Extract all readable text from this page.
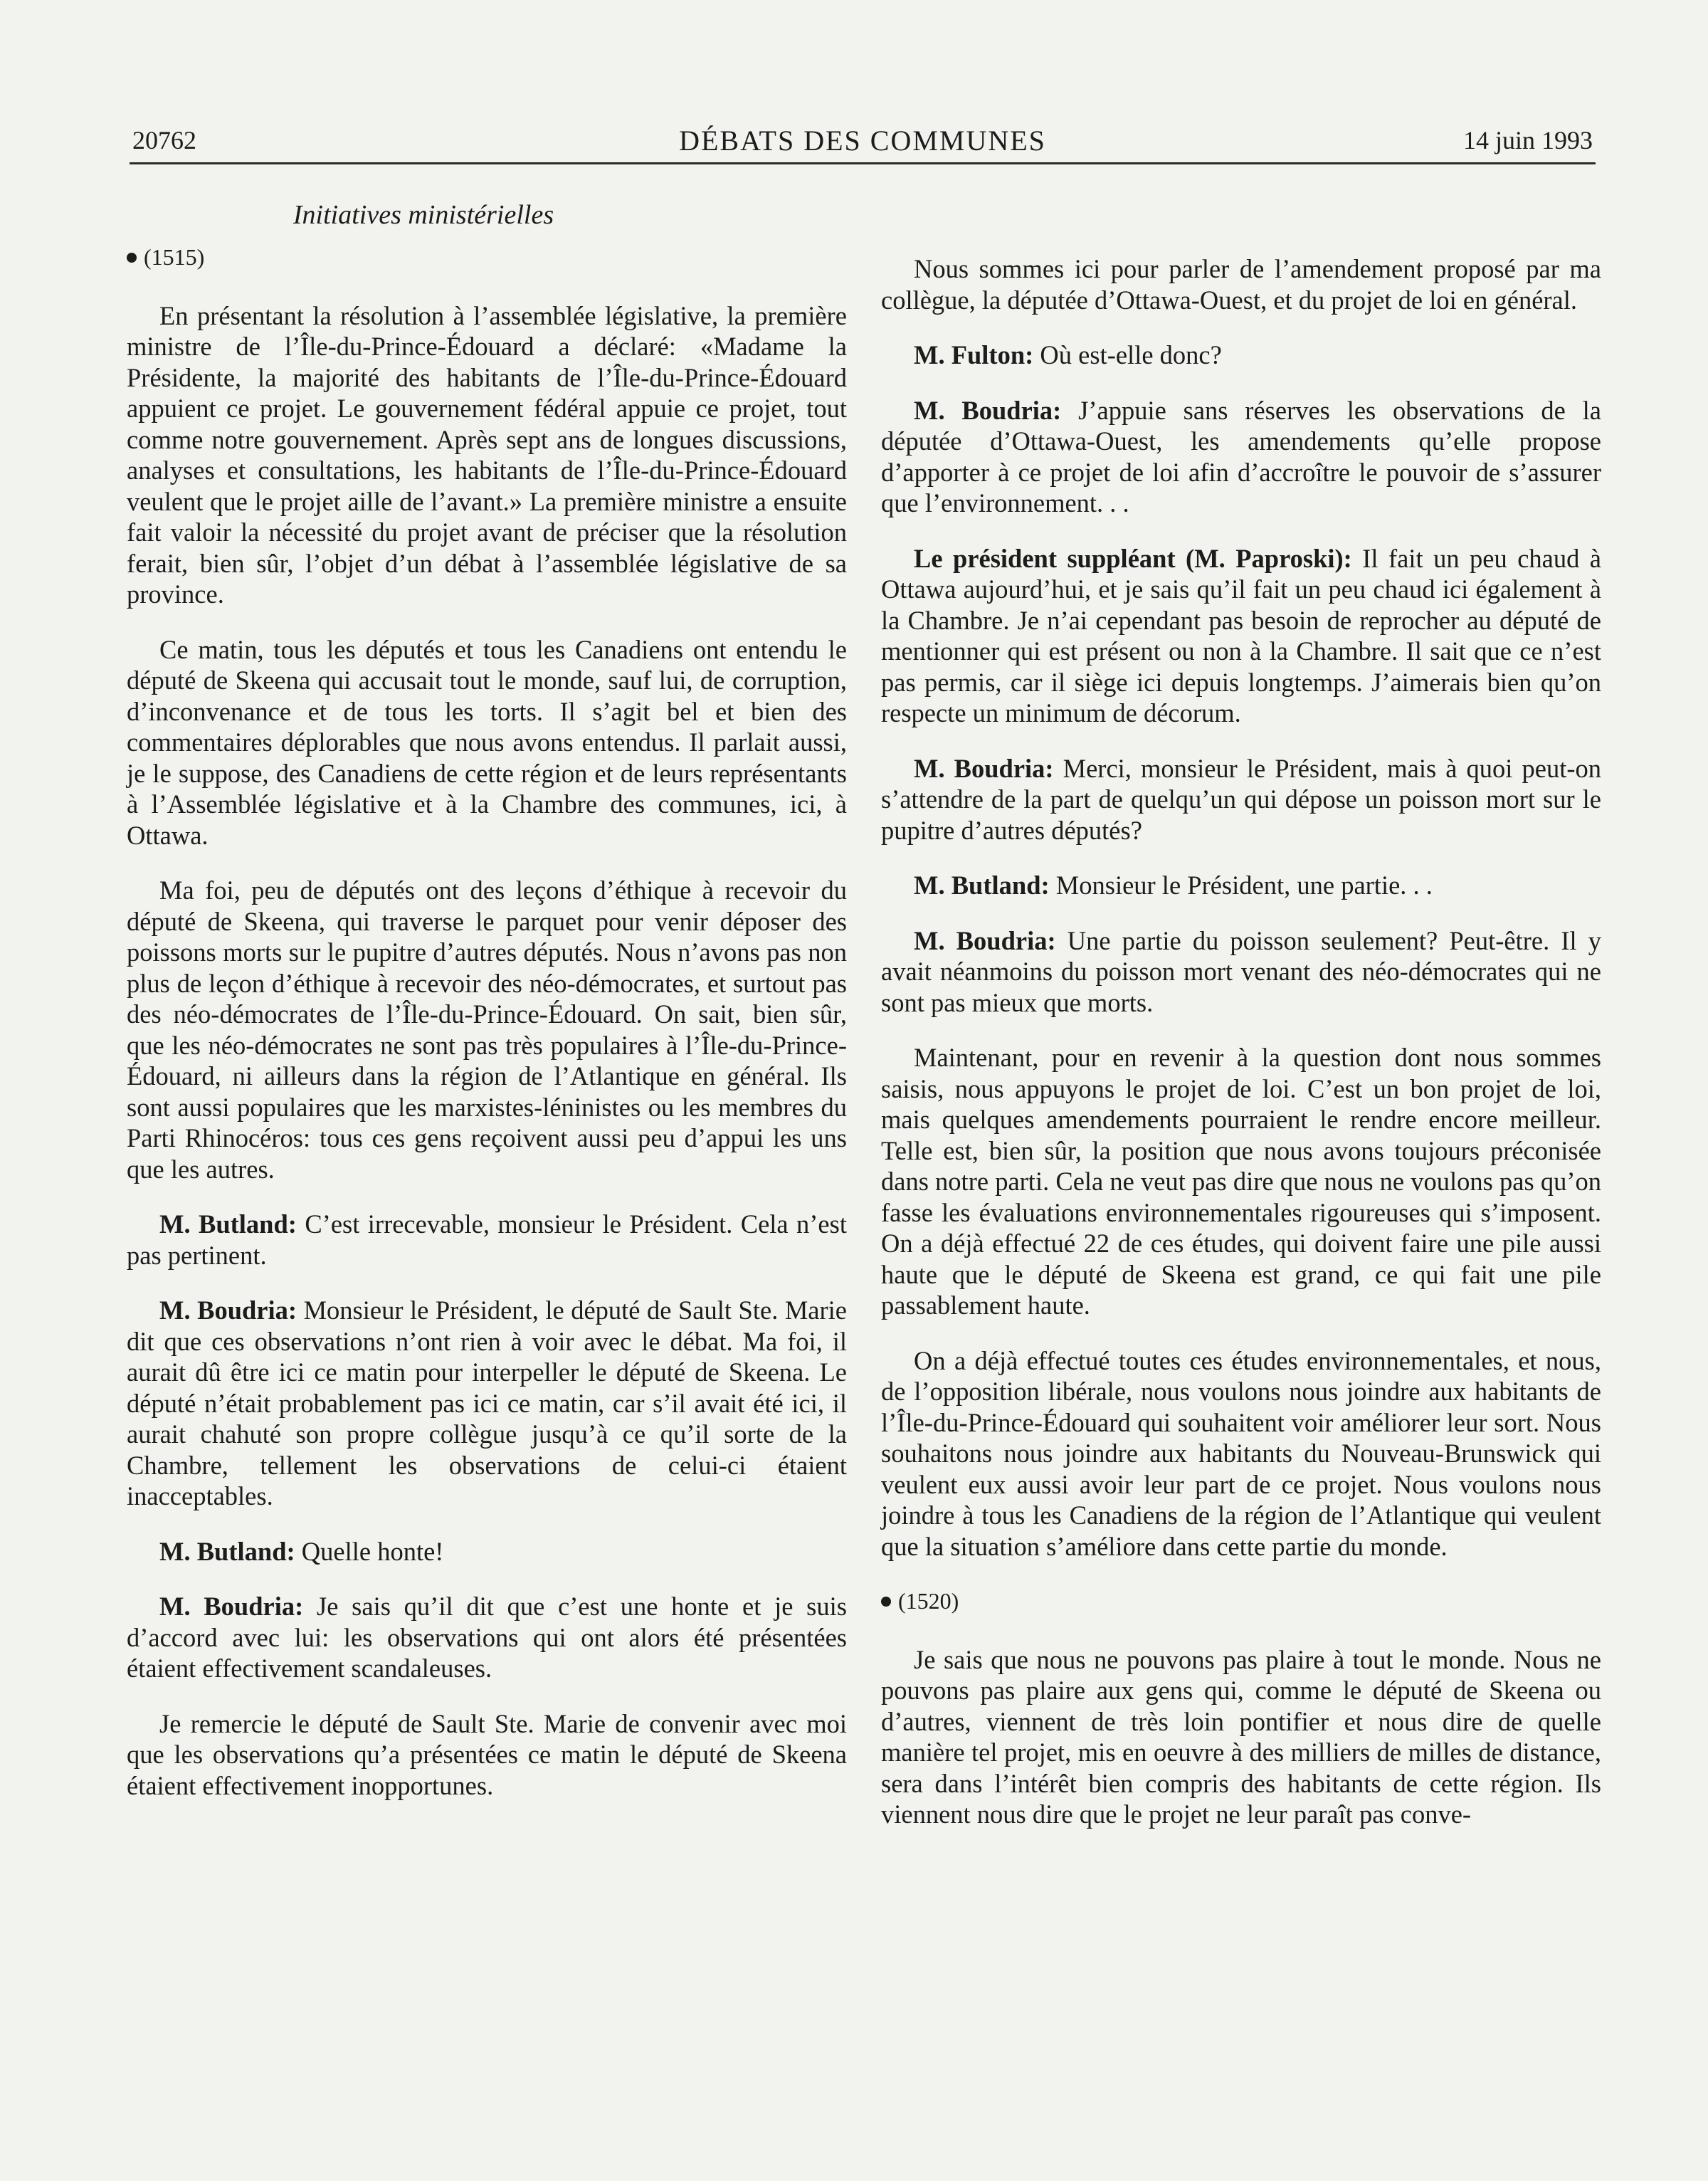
20762	DÉBATS DES COMMUNES	14 juin 1993
Initiatives ministérielles
(1515)

En présentant la résolution à l’assemblée législative, la première ministre de l’Île-du-Prince-Édouard a déclaré: «Madame la Présidente, la majorité des habitants de l’Île-du-Prince-Édouard appuient ce projet. Le gouvernement fédéral appuie ce projet, tout comme notre gouvernement. Après sept ans de longues discussions, analyses et consultations, les habitants de l’Île-du-Prince-Édouard veulent que le projet aille de l’avant.» La première ministre a ensuite fait valoir la nécessité du projet avant de préciser que la résolution ferait, bien sûr, l’objet d’un débat à l’assemblée législative de sa province.

Ce matin, tous les députés et tous les Canadiens ont entendu le député de Skeena qui accusait tout le monde, sauf lui, de corruption, d’inconvenance et de tous les torts. Il s’agit bel et bien des commentaires déplorables que nous avons entendus. Il parlait aussi, je le suppose, des Canadiens de cette région et de leurs représentants à l’Assemblée législative et à la Chambre des communes, ici, à Ottawa.

Ma foi, peu de députés ont des leçons d’éthique à recevoir du député de Skeena, qui traverse le parquet pour venir déposer des poissons morts sur le pupitre d’autres députés. Nous n’avons pas non plus de leçon d’éthique à recevoir des néo-démocrates, et surtout pas des néo-démocrates de l’Île-du-Prince-Édouard. On sait, bien sûr, que les néo-démocrates ne sont pas très populaires à l’Île-du-Prince-Édouard, ni ailleurs dans la région de l’Atlantique en général. Ils sont aussi populaires que les marxistes-léninistes ou les membres du Parti Rhinocéros: tous ces gens reçoivent aussi peu d’appui les uns que les autres.

M. Butland: C’est irrecevable, monsieur le Président. Cela n’est pas pertinent.

M. Boudria: Monsieur le Président, le député de Sault Ste. Marie dit que ces observations n’ont rien à voir avec le débat. Ma foi, il aurait dû être ici ce matin pour interpeller le député de Skeena. Le député n’était probablement pas ici ce matin, car s’il avait été ici, il aurait chahuté son propre collègue jusqu’à ce qu’il sorte de la Chambre, tellement les observations de celui-ci étaient inacceptables.

M. Butland: Quelle honte!

M. Boudria: Je sais qu’il dit que c’est une honte et je suis d’accord avec lui: les observations qui ont alors été présentées étaient effectivement scandaleuses.

Je remercie le député de Sault Ste. Marie de convenir avec moi que les observations qu’a présentées ce matin le député de Skeena étaient effectivement inopportunes.

Nous sommes ici pour parler de l’amendement proposé par ma collègue, la députée d’Ottawa-Ouest, et du projet de loi en général.

M. Fulton: Où est-elle donc?

M. Boudria: J’appuie sans réserves les observations de la députée d’Ottawa-Ouest, les amendements qu’elle propose d’apporter à ce projet de loi afin d’accroître le pouvoir de s’assurer que l’environnement. . .

Le président suppléant (M. Paproski): Il fait un peu chaud à Ottawa aujourd’hui, et je sais qu’il fait un peu chaud ici également à la Chambre. Je n’ai cependant pas besoin de reprocher au député de mentionner qui est présent ou non à la Chambre. Il sait que ce n’est pas permis, car il siège ici depuis longtemps. J’aimerais bien qu’on respecte un minimum de décorum.

M. Boudria: Merci, monsieur le Président, mais à quoi peut-on s’attendre de la part de quelqu’un qui dépose un poisson mort sur le pupitre d’autres députés?

M. Butland: Monsieur le Président, une partie. . .

M. Boudria: Une partie du poisson seulement? Peut-être. Il y avait néanmoins du poisson mort venant des néo-démocrates qui ne sont pas mieux que morts.

Maintenant, pour en revenir à la question dont nous sommes saisis, nous appuyons le projet de loi. C’est un bon projet de loi, mais quelques amendements pourraient le rendre encore meilleur. Telle est, bien sûr, la position que nous avons toujours préconisée dans notre parti. Cela ne veut pas dire que nous ne voulons pas qu’on fasse les évaluations environnementales rigoureuses qui s’imposent. On a déjà effectué 22 de ces études, qui doivent faire une pile aussi haute que le député de Skeena est grand, ce qui fait une pile passablement haute.

On a déjà effectué toutes ces études environnementales, et nous, de l’opposition libérale, nous voulons nous joindre aux habitants de l’Île-du-Prince-Édouard qui souhaitent voir améliorer leur sort. Nous souhaitons nous joindre aux habitants du Nouveau-Brunswick qui veulent eux aussi avoir leur part de ce projet. Nous voulons nous joindre à tous les Canadiens de la région de l’Atlantique qui veulent que la situation s’améliore dans cette partie du monde.

(1520)

Je sais que nous ne pouvons pas plaire à tout le monde. Nous ne pouvons pas plaire aux gens qui, comme le député de Skeena ou d’autres, viennent de très loin pontifier et nous dire de quelle manière tel projet, mis en oeuvre à des milliers de milles de distance, sera dans l’intérêt bien compris des habitants de cette région. Ils viennent nous dire que le projet ne leur paraît pas conve-
